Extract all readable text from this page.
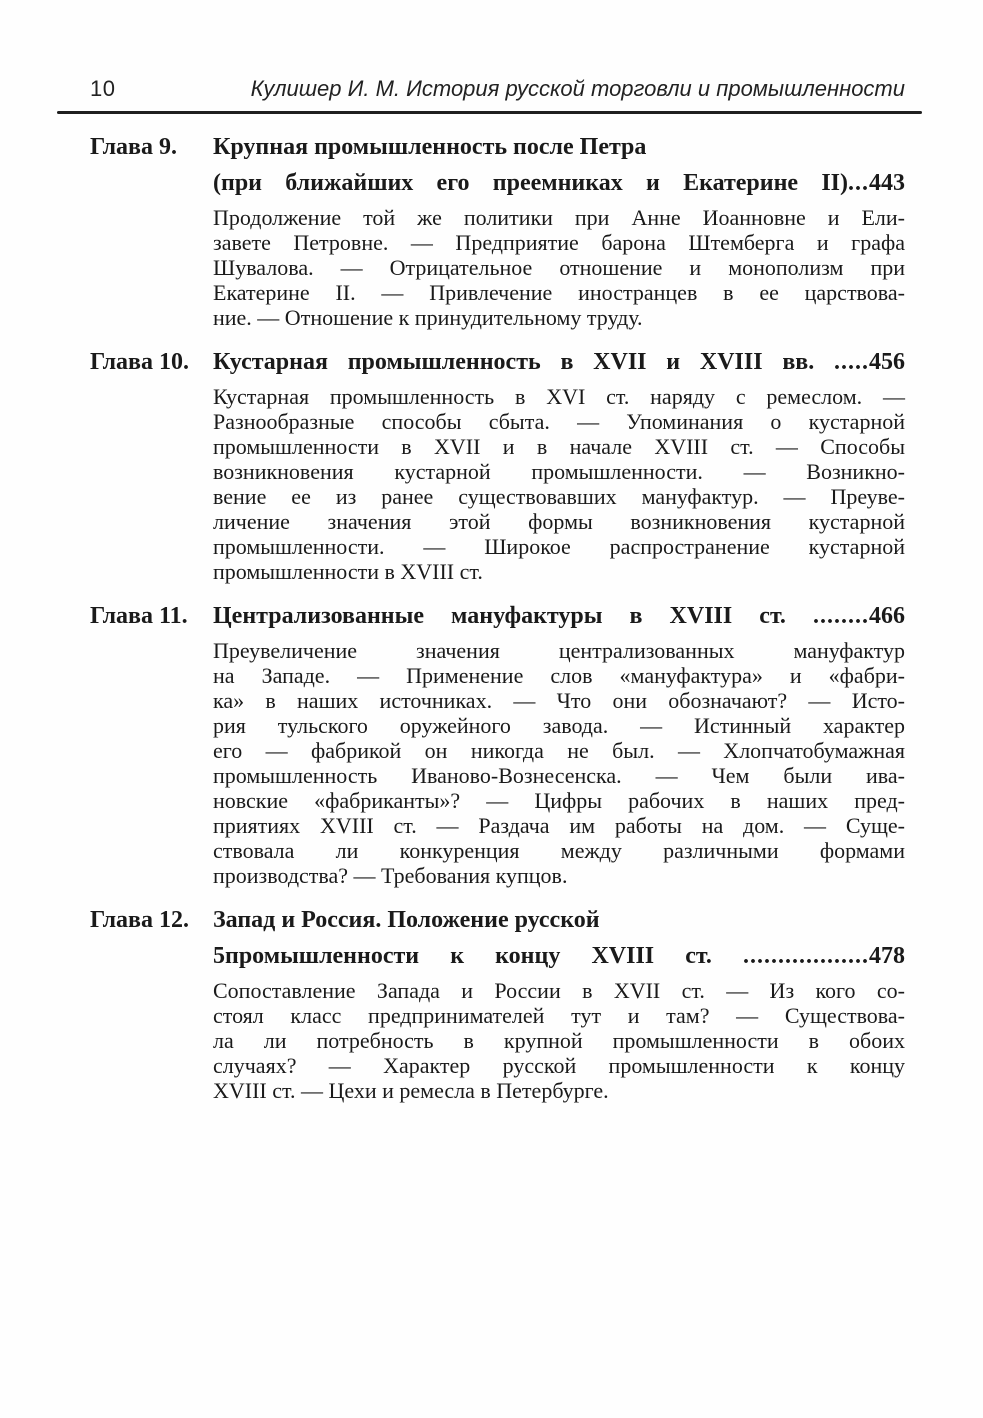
10	Кулишер И. М. История русской торговли и промышленности
Глава 9.	Крупная промышленность после Петра
(при ближайших его преемниках и Екатерине II)...443
Продолжение той же политики при Анне Иоанновне и Ели-
завете Петровне. — Предприятие барона Штемберга и графа
Шувалова. — Отрицательное отношение и монополизм при
Екатерине II. — Привлечение иностранцев в ее царствова-
ние. — Отношение к принудительному труду.
Глава 10.	Кустарная промышленность в XVII и XVIII вв. .....456
Кустарная промышленность в XVI ст. наряду с ремеслом. —
Разнообразные способы сбыта. — Упоминания о кустарной
промышленности в XVII и в начале XVIII ст. — Способы
возникновения кустарной промышленности. — Возникно-
вение ее из ранее существовавших мануфактур. — Преуве-
личение значения этой формы возникновения кустарной
промышленности. — Широкое распространение кустарной
промышленности в XVIII ст.
Глава 11.	Централизованные мануфактуры в XVIII ст. ........466
Преувеличение значения централизованных мануфактур
на Западе. — Применение слов «мануфактура» и «фабри-
ка» в наших источниках. — Что они обозначают? — Исто-
рия тульского оружейного завода. — Истинный характер
его — фабрикой он никогда не был. — Хлопчатобумажная
промышленность Иваново-Вознесенска. — Чем были ива-
новские «фабриканты»? — Цифры рабочих в наших пред-
приятиях XVIII ст. — Раздача им работы на дом. — Суще-
ствовала ли конкуренция между различными формами
производства? — Требования купцов.
Глава 12.	Запад и Россия. Положение русской
5промышленности к концу XVIII ст. ..................478
Сопоставление Запада и России в XVII ст. — Из кого со-
стоял класс предпринимателей тут и там? — Существова-
ла ли потребность в крупной промышленности в обоих
случаях? — Характер русской промышленности к концу
XVIII ст. — Цехи и ремесла в Петербурге.
